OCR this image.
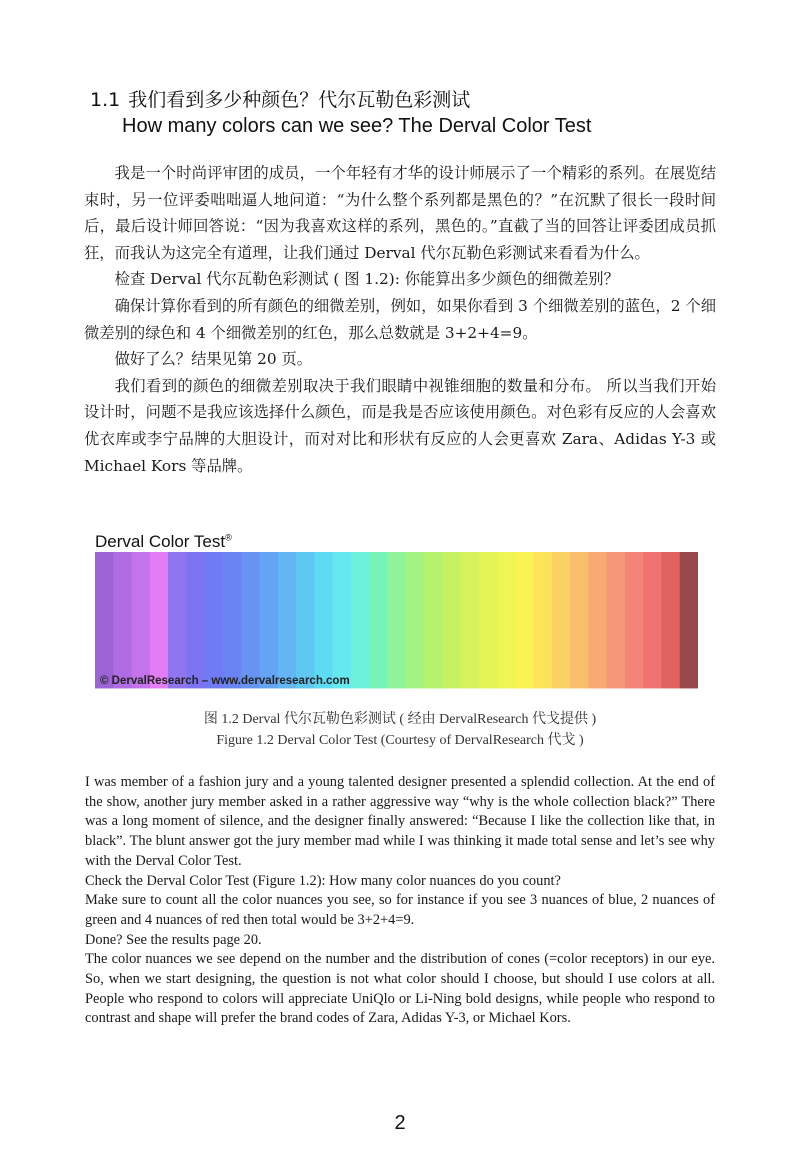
1.1 我们看到多少种颜色？代尔瓦勒色彩测试
How many colors can we see? The Derval Color Test

我是一个时尚评审团的成员，一个年轻有才华的设计师展示了一个精彩的系列。在展览结束时，另一位评委咄咄逼人地问道：“为什么整个系列都是黑色的？”在沉默了很长一段时间后，最后设计师回答说：“因为我喜欢这样的系列，黑色的。”直截了当的回答让评委团成员抓狂，而我认为这完全有道理，让我们通过 Derval 代尔瓦勒色彩测试来看看为什么。

检查 Derval 代尔瓦勒色彩测试 ( 图 1.2): 你能算出多少颜色的细微差别？

确保计算你看到的所有颜色的细微差别，例如，如果你看到 3 个细微差别的蓝色，2 个细微差别的绿色和 4 个细微差别的红色，那么总数就是 3+2+4=9。

做好了么？结果见第 20 页。

我们看到的颜色的细微差别取决于我们眼睛中视锥细胞的数量和分布。 所以当我们开始设计时，问题不是我应该选择什么颜色，而是我是否应该使用颜色。对色彩有反应的人会喜欢优衣库或李宁品牌的大胆设计，而对对比和形状有反应的人会更喜欢 Zara、Adidas Y-3 或 Michael Kors 等品牌。

Derval Color Test®
© DervalResearch – www.dervalresearch.com
图 1.2 Derval 代尔瓦勒色彩测试 ( 经由 DervalResearch 代戈提供 )
Figure 1.2 Derval Color Test (Courtesy of DervalResearch 代戈 )

I was member of a fashion jury and a young talented designer presented a splendid collection. At the end of the show, another jury member asked in a rather aggressive way “why is the whole collection black?” There was a long moment of silence, and the designer finally answered: “Because I like the collection like that, in black”. The blunt answer got the jury member mad while I was thinking it made total sense and let’s see why with the Derval Color Test.

Check the Derval Color Test (Figure 1.2): How many color nuances do you count?

Make sure to count all the color nuances you see, so for instance if you see 3 nuances of blue, 2 nuances of green and 4 nuances of red then total would be 3+2+4=9.

Done? See the results page 20.

The color nuances we see depend on the number and the distribution of cones (=color receptors) in our eye. So, when we start designing, the question is not what color should I choose, but should I use colors at all. People who respond to colors will appreciate UniQlo or Li-Ning bold designs, while people who respond to contrast and shape will prefer the brand codes of Zara, Adidas Y-3, or Michael Kors.

2
